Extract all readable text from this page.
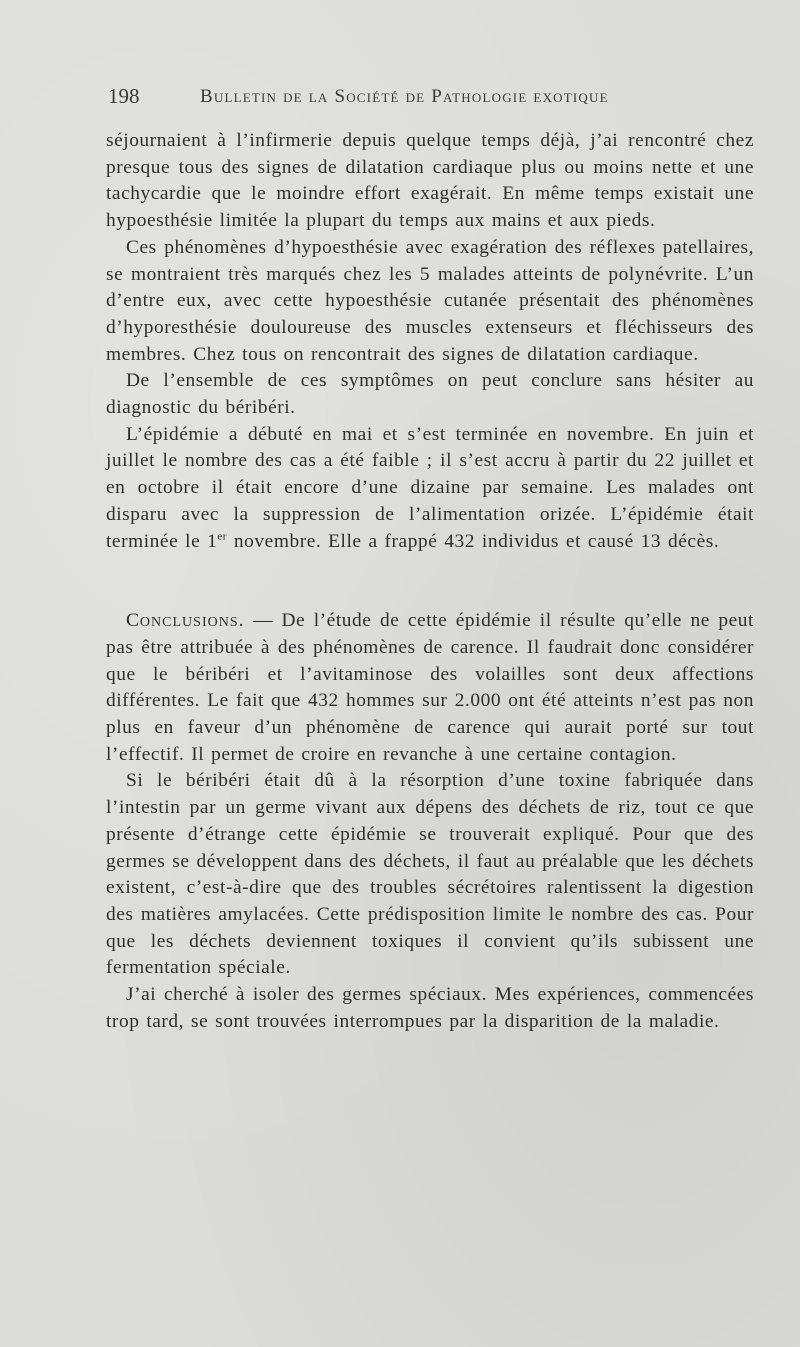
198	Bulletin de la Société de Pathologie exotique

séjournaient à l’infirmerie depuis quelque temps déjà, j’ai rencontré chez presque tous des signes de dilatation cardiaque plus ou moins nette et une tachycardie que le moindre effort exagérait. En même temps existait une hypoesthésie limitée la plupart du temps aux mains et aux pieds.

Ces phénomènes d’hypoesthésie avec exagération des réflexes patellaires, se montraient très marqués chez les 5 malades atteints de polynévrite. L’un d’entre eux, avec cette hypoesthésie cutanée présentait des phénomènes d’hyporesthésie douloureuse des muscles extenseurs et fléchisseurs des membres. Chez tous on rencontrait des signes de dilatation cardiaque.

De l’ensemble de ces symptômes on peut conclure sans hésiter au diagnostic du béribéri.

L’épidémie a débuté en mai et s’est terminée en novembre. En juin et juillet le nombre des cas a été faible ; il s’est accru à partir du 22 juillet et en octobre il était encore d’une dizaine par semaine. Les malades ont disparu avec la suppression de l’alimentation orizée. L’épidémie était terminée le 1er novembre. Elle a frappé 432 individus et causé 13 décès.

Conclusions. — De l’étude de cette épidémie il résulte qu’elle ne peut pas être attribuée à des phénomènes de carence. Il faudrait donc considérer que le béribéri et l’avitaminose des volailles sont deux affections différentes. Le fait que 432 hommes sur 2.000 ont été atteints n’est pas non plus en faveur d’un phénomène de carence qui aurait porté sur tout l’effectif. Il permet de croire en revanche à une certaine contagion.

Si le béribéri était dû à la résorption d’une toxine fabriquée dans l’intestin par un germe vivant aux dépens des déchets de riz, tout ce que présente d’étrange cette épidémie se trouverait expliqué. Pour que des germes se développent dans des déchets, il faut au préalable que les déchets existent, c’est-à-dire que des troubles sécrétoires ralentissent la digestion des matières amylacées. Cette prédisposition limite le nombre des cas. Pour que les déchets deviennent toxiques il convient qu’ils subissent une fermentation spéciale.

J’ai cherché à isoler des germes spéciaux. Mes expériences, commencées trop tard, se sont trouvées interrompues par la disparition de la maladie.
